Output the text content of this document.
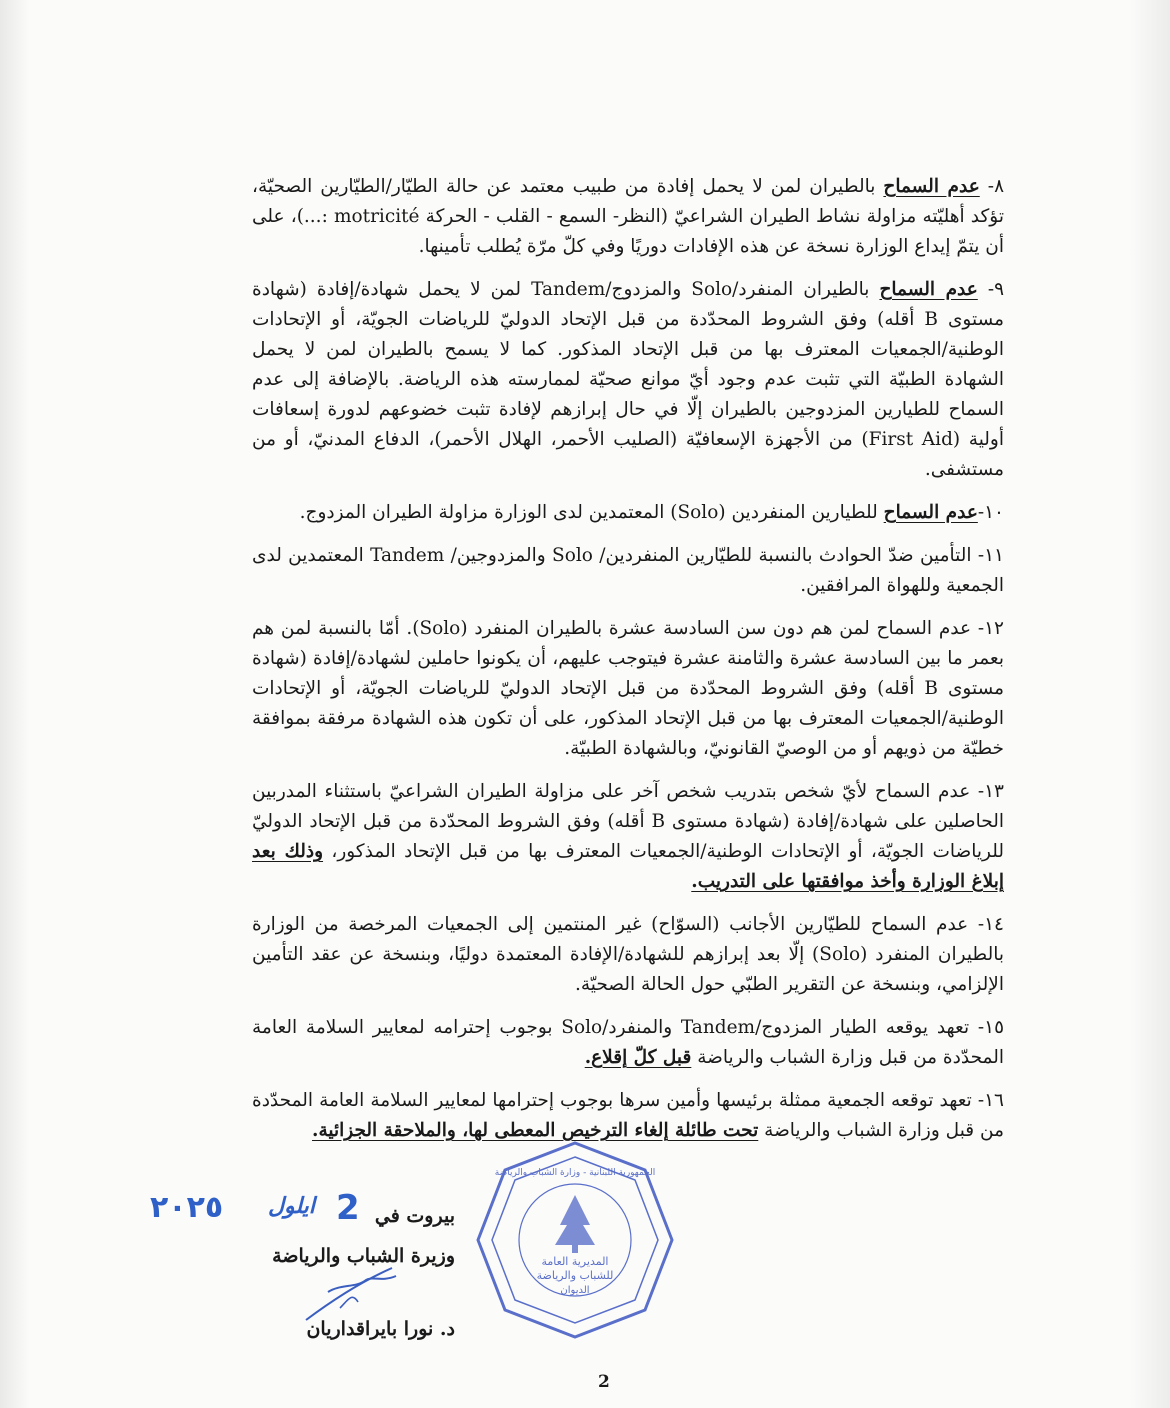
٨- عدم السماح بالطيران لمن لا يحمل إفادة من طبيب معتمد عن حالة الطيّار/الطيّارين الصحيّة، تؤكد أهليّته مزاولة نشاط الطيران الشراعيّ (النظر- السمع - القلب - الحركة motricité :...)، على أن يتمّ إيداع الوزارة نسخة عن هذه الإفادات دوريًا وفي كلّ مرّة يُطلب تأمينها.

٩- عدم السماح بالطيران المنفرد/Solo والمزدوج/Tandem لمن لا يحمل شهادة/إفادة (شهادة مستوى B أقله) وفق الشروط المحدّدة من قبل الإتحاد الدوليّ للرياضات الجويّة، أو الإتحادات الوطنية/الجمعيات المعترف بها من قبل الإتحاد المذكور. كما لا يسمح بالطيران لمن لا يحمل الشهادة الطبيّة التي تثبت عدم وجود أيّ موانع صحيّة لممارسته هذه الرياضة. بالإضافة إلى عدم السماح للطيارين المزدوجين بالطيران إلّا في حال إبرازهم لإفادة تثبت خضوعهم لدورة إسعافات أولية (First Aid) من الأجهزة الإسعافيّة (الصليب الأحمر، الهلال الأحمر)، الدفاع المدنيّ، أو من مستشفى.

١٠-عدم السماح للطيارين المنفردين (Solo) المعتمدين لدى الوزارة مزاولة الطيران المزدوج.

١١- التأمين ضدّ الحوادث بالنسبة للطيّارين المنفردين/ Solo والمزدوجين/ Tandem المعتمدين لدى الجمعية وللهواة المرافقين.

١٢- عدم السماح لمن هم دون سن السادسة عشرة بالطيران المنفرد (Solo). أمّا بالنسبة لمن هم بعمر ما بين السادسة عشرة والثامنة عشرة فيتوجب عليهم، أن يكونوا حاملين لشهادة/إفادة (شهادة مستوى B أقله) وفق الشروط المحدّدة من قبل الإتحاد الدوليّ للرياضات الجويّة، أو الإتحادات الوطنية/الجمعيات المعترف بها من قبل الإتحاد المذكور، على أن تكون هذه الشهادة مرفقة بموافقة خطيّة من ذويهم أو من الوصيّ القانونيّ، وبالشهادة الطبيّة.

١٣- عدم السماح لأيّ شخص بتدريب شخص آخر على مزاولة الطيران الشراعيّ باستثناء المدربين الحاصلين على شهادة/إفادة (شهادة مستوى B أقله) وفق الشروط المحدّدة من قبل الإتحاد الدوليّ للرياضات الجويّة، أو الإتحادات الوطنية/الجمعيات المعترف بها من قبل الإتحاد المذكور، وذلك بعد إبلاغ الوزارة وأخذ موافقتها على التدريب.

١٤- عدم السماح للطيّارين الأجانب (السوّاح) غير المنتمين إلى الجمعيات المرخصة من الوزارة بالطيران المنفرد (Solo) إلّا بعد إبرازهم للشهادة/الإفادة المعتمدة دوليًا، وبنسخة عن عقد التأمين الإلزامي، وبنسخة عن التقرير الطبّي حول الحالة الصحيّة.

١٥- تعهد يوقعه الطيار المزدوج/Tandem والمنفرد/Solo بوجوب إحترامه لمعايير السلامة العامة المحدّدة من قبل وزارة الشباب والرياضة قبل كلّ إقلاع.

١٦- تعهد توقعه الجمعية ممثلة برئيسها وأمين سرها بوجوب إحترامها لمعايير السلامة العامة المحدّدة من قبل وزارة الشباب والرياضة تحت طائلة إلغاء الترخيص المعطى لها، والملاحقة الجزائية.

بيروت في
وزيرة الشباب والرياضة
د. نورا بايراقداريان
٢٠٢٥ ايلول 2
المديرية العامة
للشباب والرياضة
الديوان
الجمهورية اللبنانية - وزارة الشباب والرياضة
2
